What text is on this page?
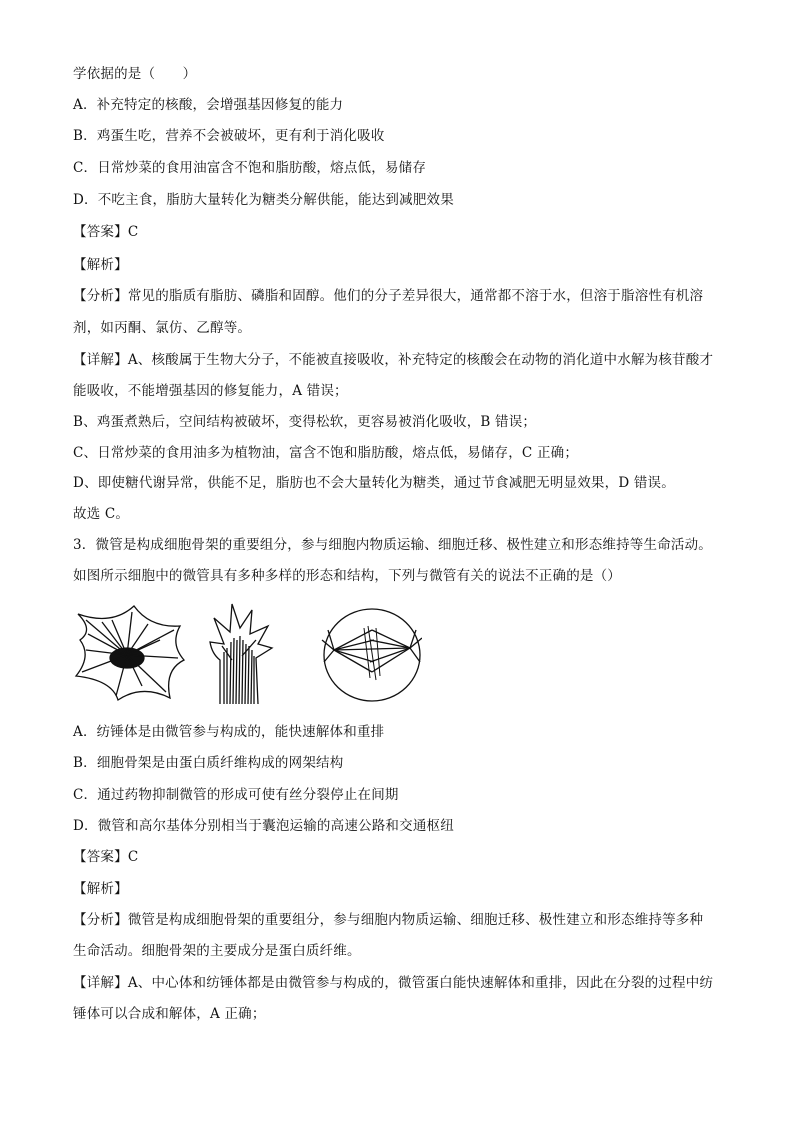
学依据的是（　　）
A．补充特定的核酸，会增强基因修复的能力
B．鸡蛋生吃，营养不会被破坏，更有利于消化吸收
C．日常炒菜的食用油富含不饱和脂肪酸，熔点低，易储存
D．不吃主食，脂肪大量转化为糖类分解供能，能达到减肥效果
【答案】C
【解析】
【分析】常见的脂质有脂肪、磷脂和固醇。他们的分子差异很大，通常都不溶于水，但溶于脂溶性有机溶
剂，如丙酮、氯仿、乙醇等。
【详解】A、核酸属于生物大分子，不能被直接吸收，补充特定的核酸会在动物的消化道中水解为核苷酸才
能吸收，不能增强基因的修复能力，A 错误；
B、鸡蛋煮熟后，空间结构被破坏，变得松软，更容易被消化吸收，B 错误；
C、日常炒菜的食用油多为植物油，富含不饱和脂肪酸，熔点低，易储存，C 正确；
D、即使糖代谢异常，供能不足，脂肪也不会大量转化为糖类，通过节食减肥无明显效果，D 错误。
故选 C。
3．微管是构成细胞骨架的重要组分，参与细胞内物质运输、细胞迁移、极性建立和形态维持等生命活动。
如图所示细胞中的微管具有多种多样的形态和结构，下列与微管有关的说法不正确的是（）
A．纺锤体是由微管参与构成的，能快速解体和重排
B．细胞骨架是由蛋白质纤维构成的网架结构
C．通过药物抑制微管的形成可使有丝分裂停止在间期
D．微管和高尔基体分别相当于囊泡运输的高速公路和交通枢纽
【答案】C
【解析】
【分析】微管是构成细胞骨架的重要组分，参与细胞内物质运输、细胞迁移、极性建立和形态维持等多种
生命活动。细胞骨架的主要成分是蛋白质纤维。
【详解】A、中心体和纺锤体都是由微管参与构成的，微管蛋白能快速解体和重排，因此在分裂的过程中纺
锤体可以合成和解体，A 正确；
